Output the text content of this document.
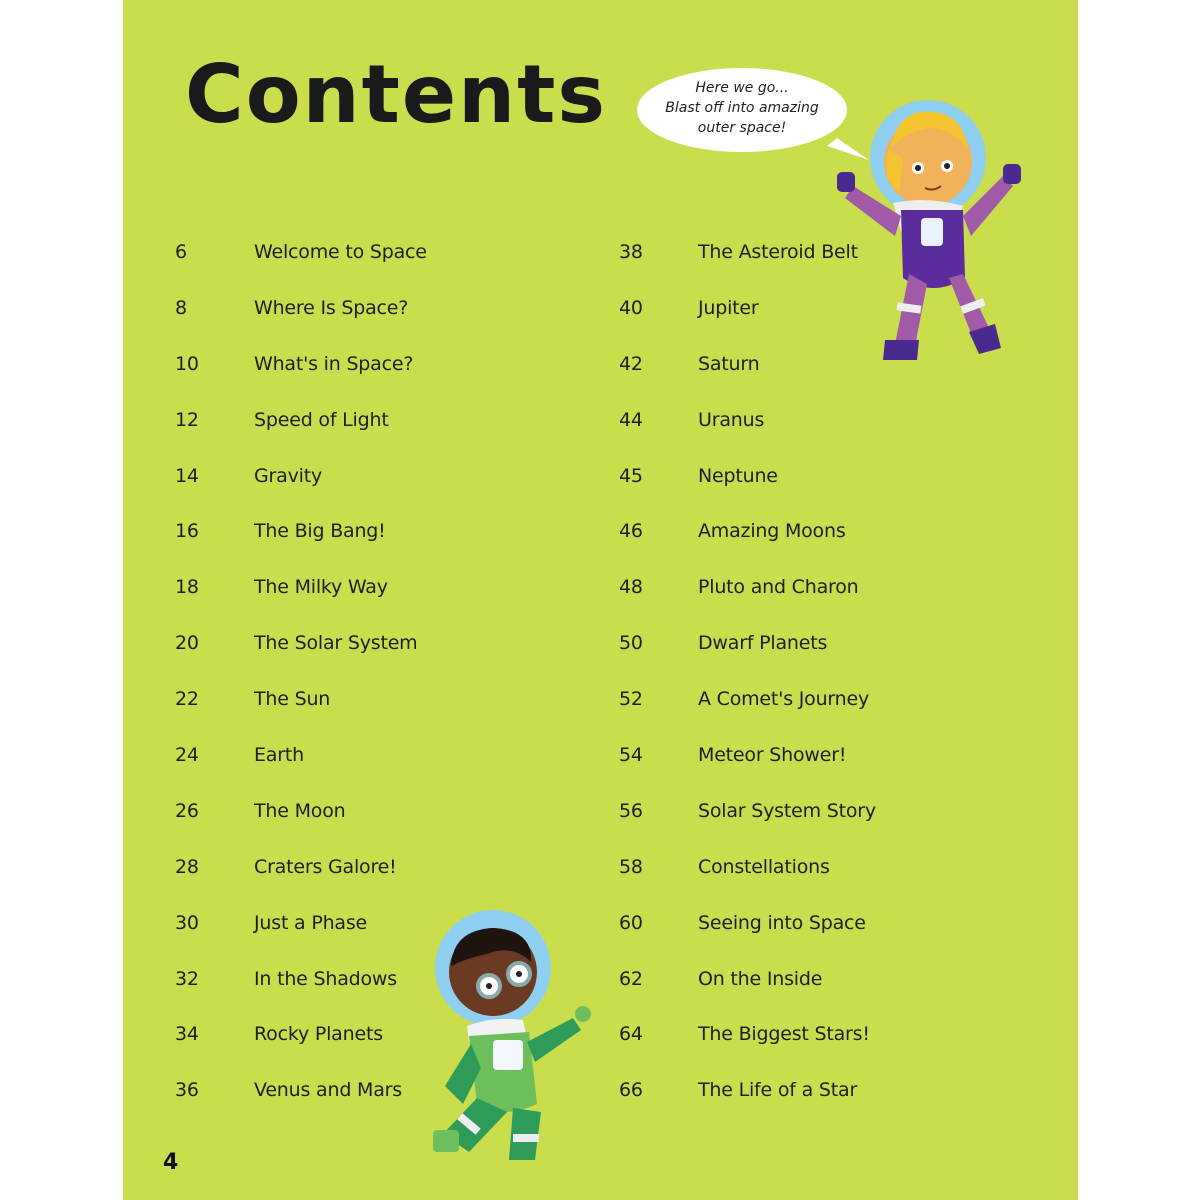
Contents	Here we go...
Blast off into amazing
outer space!
6	Welcome to Space
8	Where Is Space?
10	What's in Space?
12	Speed of Light
14	Gravity
16	The Big Bang!
18	The Milky Way
20	The Solar System
22	The Sun
24	Earth
26	The Moon
28	Craters Galore!
30	Just a Phase
32	In the Shadows
34	Rocky Planets
36	Venus and Mars
38	The Asteroid Belt
40	Jupiter
42	Saturn
44	Uranus
45	Neptune
46	Amazing Moons
48	Pluto and Charon
50	Dwarf Planets
52	A Comet's Journey
54	Meteor Shower!
56	Solar System Story
58	Constellations
60	Seeing into Space
62	On the Inside
64	The Biggest Stars!
66	The Life of a Star
4
